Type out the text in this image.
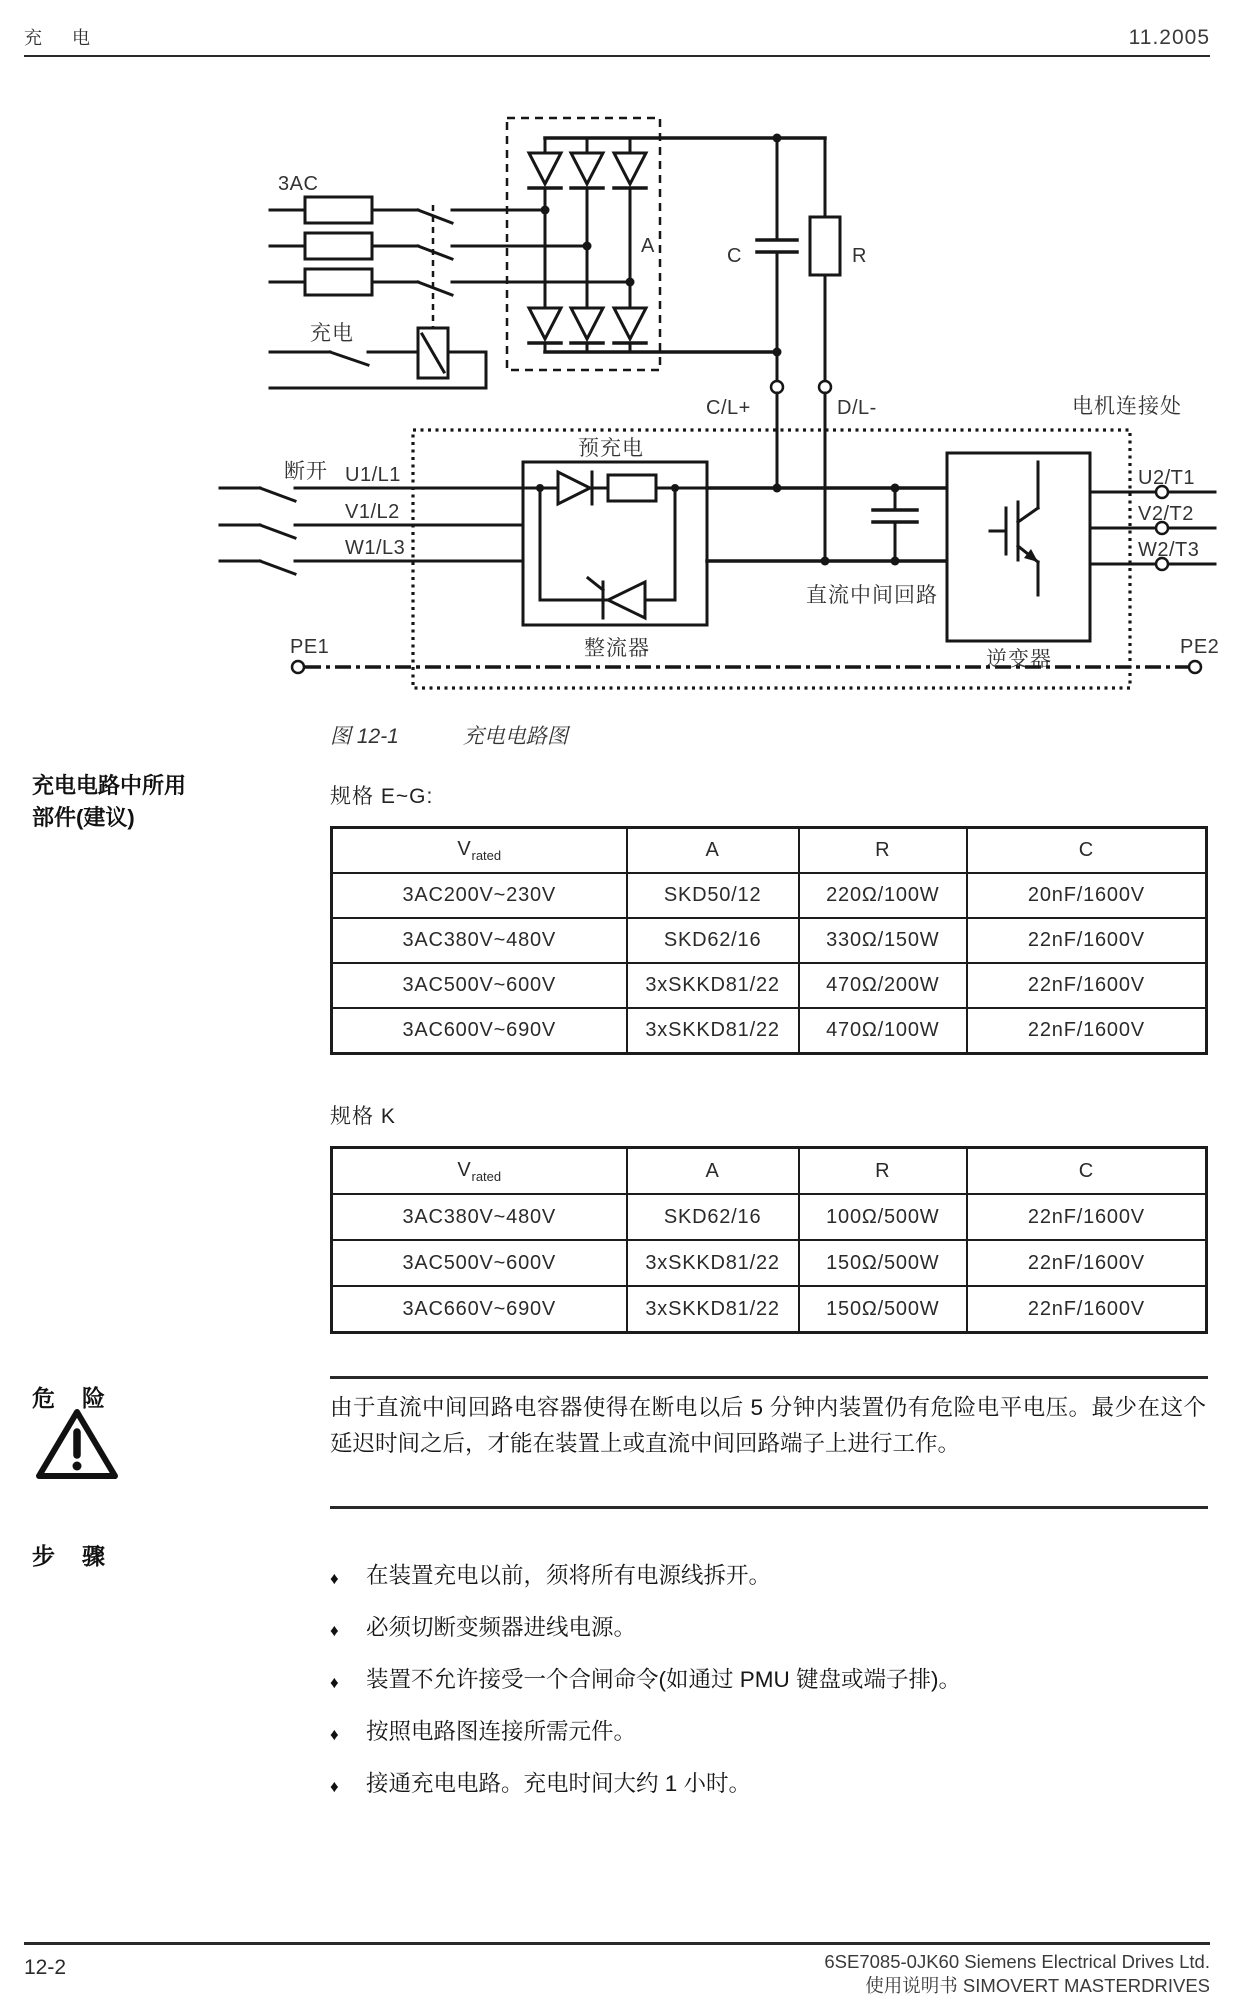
充　电	11.2005
3AC
充电
A	C	R
C/L+	D/L-	电机连接处
断开 U1/L1
V1/L2
W1/L3
预充电
整流器
直流中间回路
逆变器
U2/T1
V2/T2
W2/T3
PE1	PE2
图 12-1	充电电路图
充电电路中所用
部件(建议)
规格 E~G:
$V_{rated}$	A	R	C
3AC200V~230V	SKD50/12	220Ω/100W	20nF/1600V
3AC380V~480V	SKD62/16	330Ω/150W	22nF/1600V
3AC500V~600V	3xSKKD81/22	470Ω/200W	22nF/1600V
3AC600V~690V	3xSKKD81/22	470Ω/100W	22nF/1600V
规格 K
$V_{rated}$	A	R	C
3AC380V~480V	SKD62/16	100Ω/500W	22nF/1600V
3AC500V~600V	3xSKKD81/22	150Ω/500W	22nF/1600V
3AC660V~690V	3xSKKD81/22	150Ω/500W	22nF/1600V
危　险	由于直流中间回路电容器使得在断电以后 5 分钟内装置仍有危险电平电压。最少在这个延迟时间之后，才能在装置上或直流中间回路端子上进行工作。
步　骤
♦	在装置充电以前，须将所有电源线拆开。
♦	必须切断变频器进线电源。
♦	装置不允许接受一个合闸命令(如通过 PMU 键盘或端子排)。
♦	按照电路图连接所需元件。
♦	接通充电电路。充电时间大约 1 小时。
12-2	6SE7085-0JK60 Siemens Electrical Drives Ltd.
使用说明书 SIMOVERT MASTERDRIVES
